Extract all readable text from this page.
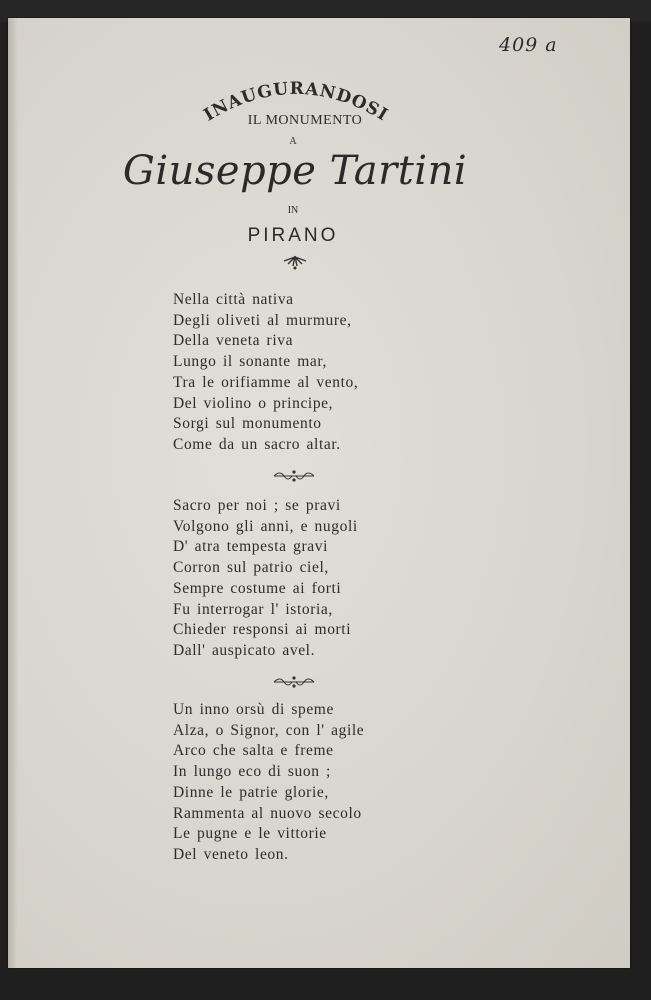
409 a
INAUGURANDOSI
IL MONUMENTO
A
Giuseppe Tartini
IN
PIRANO
Nella città nativa
Degli oliveti al murmure,
Della veneta riva
Lungo il sonante mar,
Tra le orifiamme al vento,
Del violino o principe,
Sorgi sul monumento
Come da un sacro altar.
Sacro per noi ; se pravi
Volgono gli anni, e nugoli
D' atra tempesta gravi
Corron sul patrio ciel,
Sempre costume ai forti
Fu interrogar l' istoria,
Chieder responsi ai morti
Dall' auspicato avel.
Un inno orsù di speme
Alza, o Signor, con l' agile
Arco che salta e freme
In lungo eco di suon ;
Dinne le patrie glorie,
Rammenta al nuovo secolo
Le pugne e le vittorie
Del veneto leon.
